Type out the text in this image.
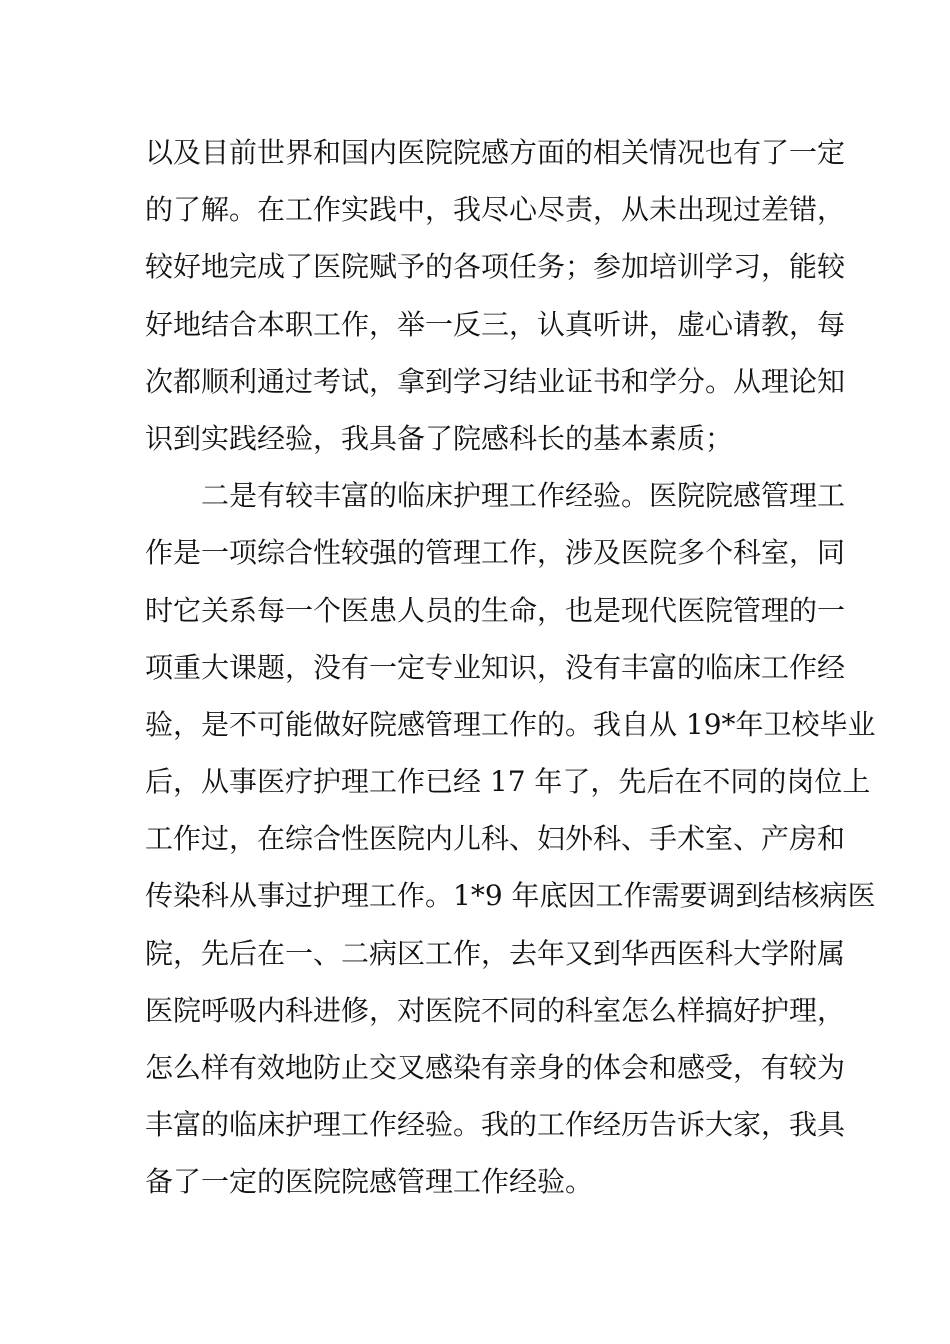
以及目前世界和国内医院院感方面的相关情况也有了一定
的了解。在工作实践中，我尽心尽责，从未出现过差错，
较好地完成了医院赋予的各项任务；参加培训学习，能较
好地结合本职工作，举一反三，认真听讲，虚心请教，每
次都顺利通过考试，拿到学习结业证书和学分。从理论知
识到实践经验，我具备了院感科长的基本素质；
二是有较丰富的临床护理工作经验。医院院感管理工
作是一项综合性较强的管理工作，涉及医院多个科室，同
时它关系每一个医患人员的生命，也是现代医院管理的一
项重大课题，没有一定专业知识，没有丰富的临床工作经
验，是不可能做好院感管理工作的。我自从 19*年卫校毕业
后，从事医疗护理工作已经 17 年了，先后在不同的岗位上
工作过，在综合性医院内儿科、妇外科、手术室、产房和
传染科从事过护理工作。1*9 年底因工作需要调到结核病医
院，先后在一、二病区工作，去年又到华西医科大学附属
医院呼吸内科进修，对医院不同的科室怎么样搞好护理，
怎么样有效地防止交叉感染有亲身的体会和感受，有较为
丰富的临床护理工作经验。我的工作经历告诉大家，我具
备了一定的医院院感管理工作经验。
